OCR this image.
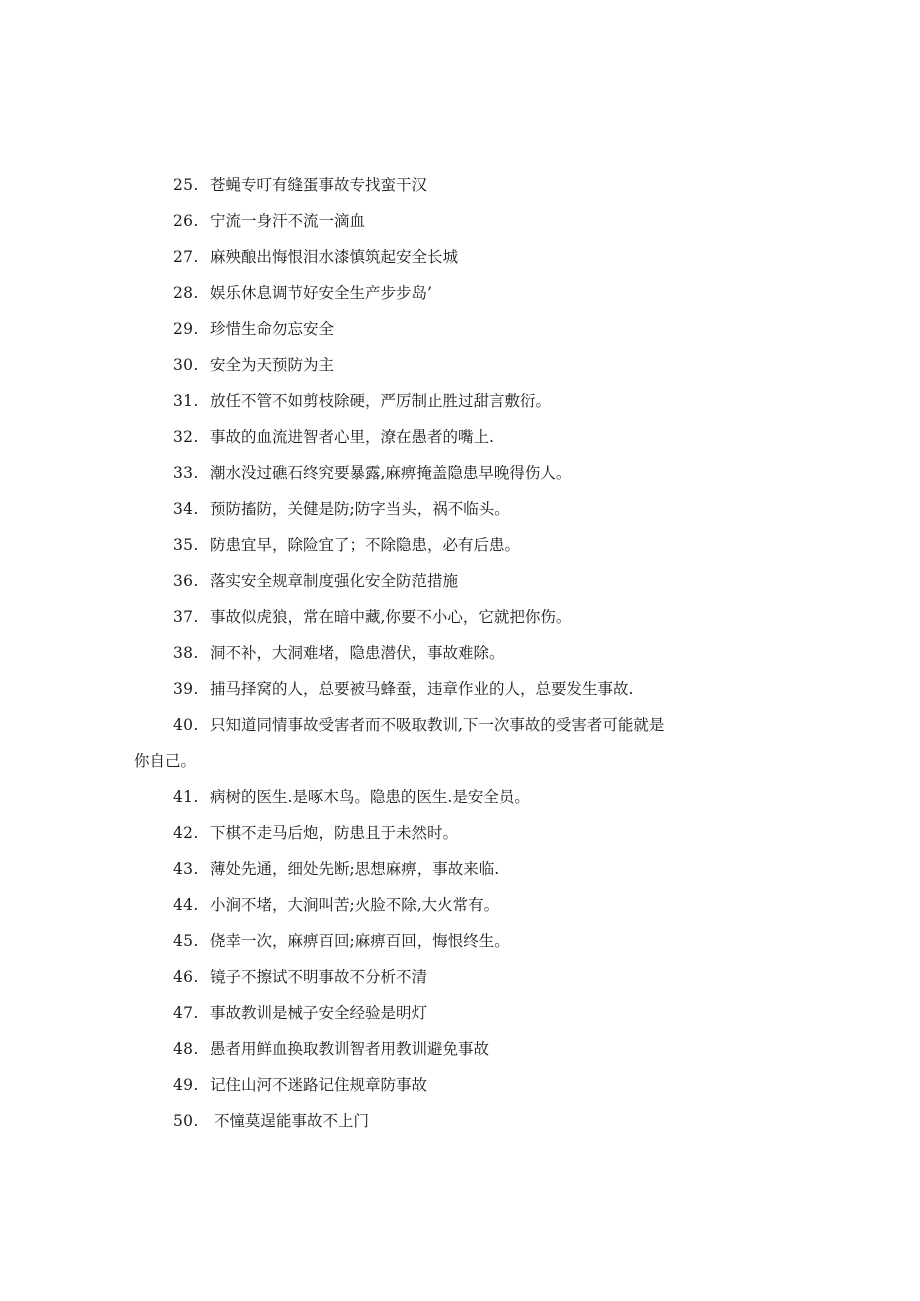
25. 苍蝇专叮有缝蛋事故专找蛮干汉
26. 宁流一身汗不流一滴血
27. 麻殃酿出悔恨泪水漆慎筑起安全长城
28. 娱乐休息调节好安全生产步步岛’
29. 珍惜生命勿忘安全
30. 安全为天预防为主
31. 放任不管不如剪枝除硬，严厉制止胜过甜言敷衍。
32. 事故的血流进智者心里，潦在愚者的嘴上.
33. 潮水没过礁石终究要暴露,麻痹掩盖隐患早晚得伤人。
34. 预防搐防，关健是防;防字当头，祸不临头。
35. 防患宜早，除险宜了；不除隐患，必有后患。
36. 落实安全规章制度强化安全防范措施
37. 事故似虎狼，常在暗中藏,你要不小心，它就把你伤。
38. 洞不补，大洞难堵，隐患潜伏，事故难除。
39. 捕马择窝的人，总要被马蜂蚕，违章作业的人，总要发生事故.
40. 只知道同情事故受害者而不吸取教训,下一次事故的受害者可能就是
你自己。
41. 病树的医生.是啄木鸟。隐患的医生.是安全员。
42. 下棋不走马后炮，防患且于未然时。
43. 薄处先通，细处先断;思想麻痹，事故来临.
44. 小涧不堵，大涧叫苦;火脸不除,大火常有。
45. 侥幸一次，麻痹百回;麻痹百回，悔恨终生。
46. 镜子不擦试不明事故不分析不清
47. 事故教训是械子安全经验是明灯
48. 愚者用鲜血换取教训智者用教训避免事故
49. 记住山河不迷路记住规章防事故
50. 不憧莫逞能事故不上门
